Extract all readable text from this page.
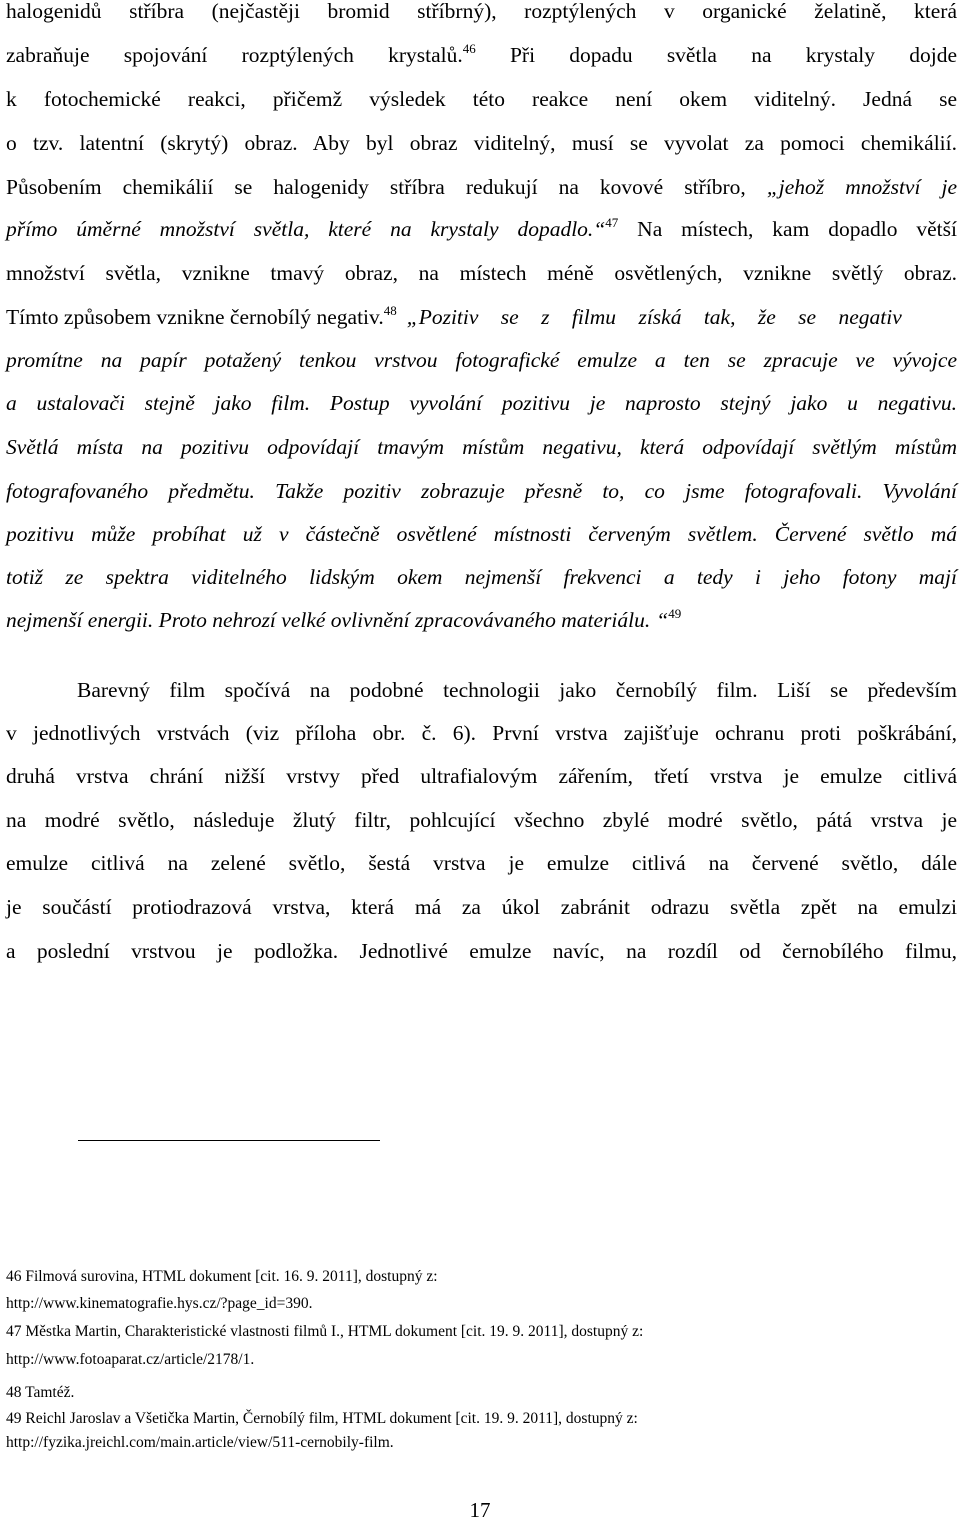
halogenidů stříbra (nejčastěji bromid stříbrný), rozptýlených v organické želatině, která
zabraňuje spojování rozptýlených krystalů.$^{46}$ Při dopadu světla na krystaly dojde
k fotochemické reakci, přičemž výsledek této reakce není okem viditelný. Jedná se
o tzv. latentní (skrytý) obraz. Aby byl obraz viditelný, musí se vyvolat za pomoci chemikálií.
Působením chemikálií se halogenidy stříbra redukují na kovové stříbro, „jehož množství je
přímo úměrné množství světla, které na krystaly dopadlo.“$^{47}$ Na místech, kam dopadlo větší
množství světla, vznikne tmavý obraz, na místech méně osvětlených, vznikne světlý obraz.
Tímto způsobem vznikne černobílý negativ.$^{48}$„Pozitiv se z filmu získá tak, že se negativ
promítne na papír potažený tenkou vrstvou fotografické emulze a ten se zpracuje ve vývojce
a ustalovači stejně jako film. Postup vyvolání pozitivu je naprosto stejný jako u negativu.
Světlá místa na pozitivu odpovídají tmavým místům negativu, která odpovídají světlým místům
fotografovaného předmětu. Takže pozitiv zobrazuje přesně to, co jsme fotografovali. Vyvolání
pozitivu může probíhat už v částečně osvětlené místnosti červeným světlem. Červené světlo má
totiž ze spektra viditelného lidským okem nejmenší frekvenci a tedy i jeho fotony mají
nejmenší energii. Proto nehrozí velké ovlivnění zpracovávaného materiálu. “$^{49}$
Barevný film spočívá na podobné technologii jako černobílý film. Liší se především
v jednotlivých vrstvách (viz příloha obr. č. 6). První vrstva zajišťuje ochranu proti poškrábání,
druhá vrstva chrání nižší vrstvy před ultrafialovým zářením, třetí vrstva je emulze citlivá
na modré světlo, následuje žlutý filtr, pohlcující všechno zbylé modré světlo, pátá vrstva je
emulze citlivá na zelené světlo, šestá vrstva je emulze citlivá na červené světlo, dále
je součástí protiodrazová vrstva, která má za úkol zabránit odrazu světla zpět na emulzi
a poslední vrstvou je podložka. Jednotlivé emulze navíc, na rozdíl od černobílého filmu,
46 Filmová surovina, HTML dokument [cit. 16. 9. 2011], dostupný z:
http://www.kinematografie.hys.cz/?page_id=390.
47 Městka Martin, Charakteristické vlastnosti filmů I., HTML dokument [cit. 19. 9. 2011], dostupný z:
http://www.fotoaparat.cz/article/2178/1.
48 Tamtéž.
49 Reichl Jaroslav a Všetička Martin, Černobílý film, HTML dokument [cit. 19. 9. 2011], dostupný z:
http://fyzika.jreichl.com/main.article/view/511-cernobily-film.
17
